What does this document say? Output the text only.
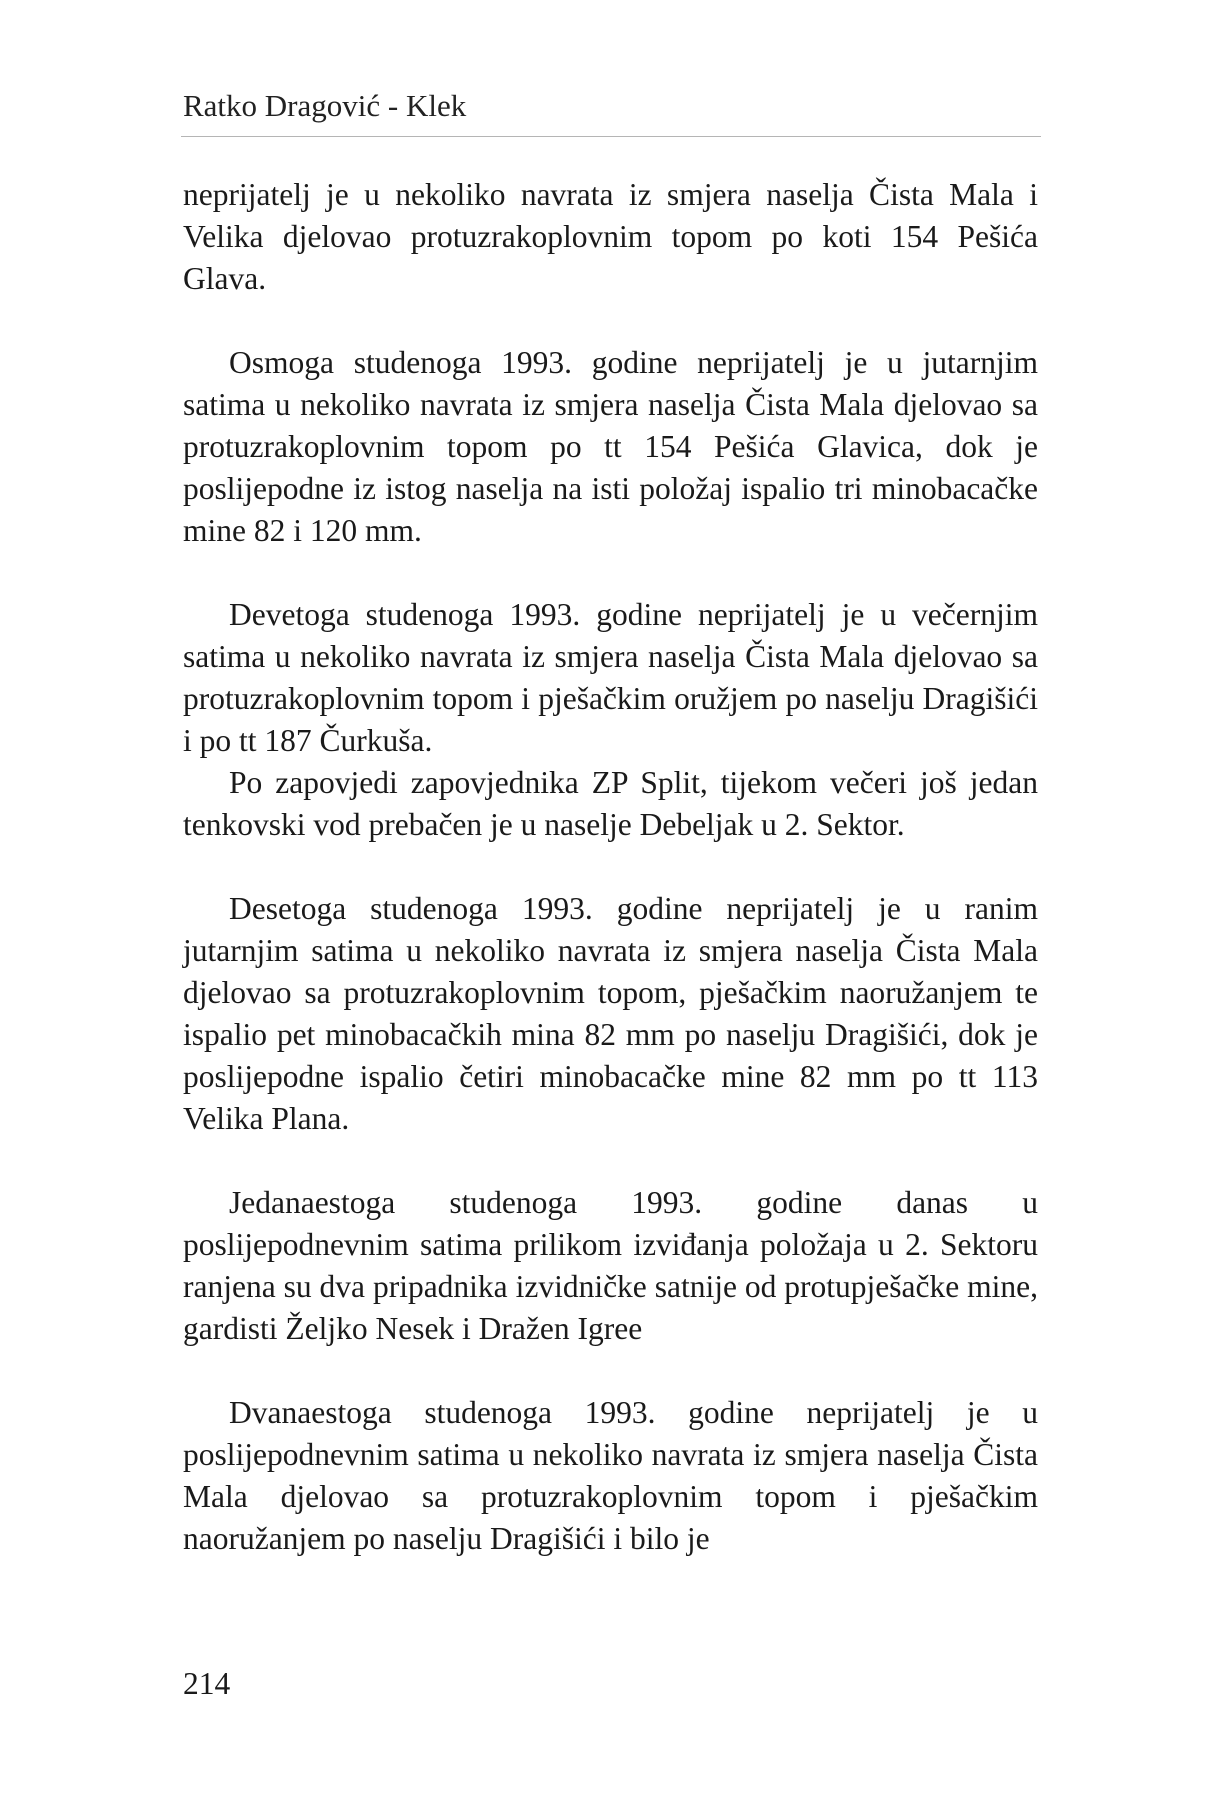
Ratko Dragović - Klek

neprijatelj je u nekoliko navrata iz smjera naselja Čista Mala i Velika djelovao protuzrakoplovnim topom po koti 154 Pešića Glava.

Osmoga studenoga 1993. godine neprijatelj je u jutarnjim satima u nekoliko navrata iz smjera naselja Čista Mala djelovao sa protuzrakoplovnim topom po tt 154 Pešića Glavica, dok je poslijepodne iz istog naselja na isti položaj ispalio tri minobacačke mine 82 i 120 mm.

Devetoga studenoga 1993. godine neprijatelj je u večernjim satima u nekoliko navrata iz smjera naselja Čista Mala djelovao sa protuzrakoplovnim topom i pješačkim oružjem po naselju Dragišići i po tt 187 Čurkuša.

Po zapovjedi zapovjednika ZP Split, tijekom večeri još jedan tenkovski vod prebačen je u naselje Debeljak u 2. Sektor.

Desetoga studenoga 1993. godine neprijatelj je u ranim jutarnjim satima u nekoliko navrata iz smjera naselja Čista Mala djelovao sa protuzrakoplovnim topom, pješačkim naoružanjem te ispalio pet minobacačkih mina 82 mm po naselju Dragišići, dok je poslijepodne ispalio četiri minobacačke mine 82 mm po tt 113 Velika Plana.

Jedanaestoga studenoga 1993. godine danas u poslijepodnevnim satima prilikom izviđanja položaja u 2. Sektoru ranjena su dva pripadnika izvidničke satnije od protupješačke mine, gardisti Željko Nesek i Dražen Igree

Dvanaestoga studenoga 1993. godine neprijatelj je u poslijepodnevnim satima u nekoliko navrata iz smjera naselja Čista Mala djelovao sa protuzrakoplovnim topom i pješačkim naoružanjem po naselju Dragišići i bilo je

214
